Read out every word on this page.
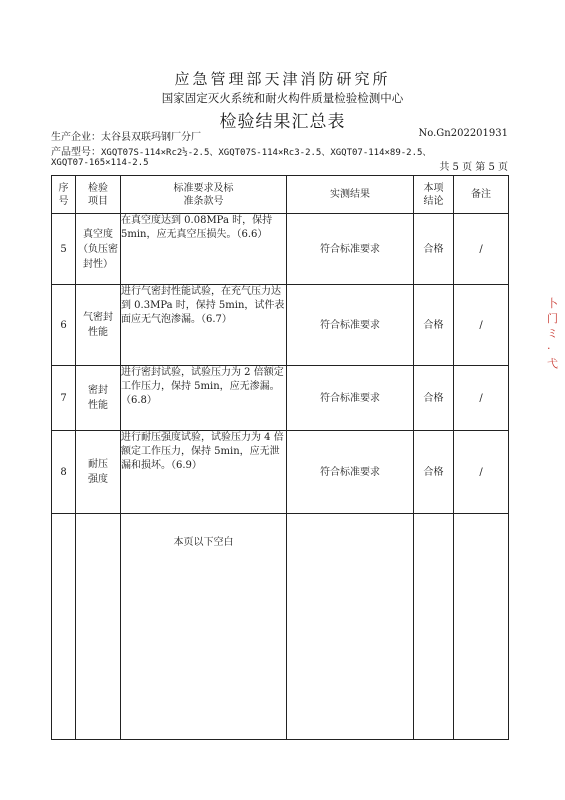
应急管理部天津消防研究所
国家固定灭火系统和耐火构件质量检验检测中心
检验结果汇总表
生产企业：太谷县双联玛钢厂分厂	No.Gn202201931
产品型号：XGQT07S-114×Rc2½-2.5、XGQT07S-114×Rc3-2.5、XGQT07-114×89-2.5、
XGQT07-165×114-2.5	共 5 页 第 5 页
序号	检验项目	标准要求及标准条款号	实测结果	本项结论	备注
5	真空度（负压密封性）	在真空度达到 0.08MPa 时，保持 5min，应无真空压损失。（6.6）	符合标准要求	合格	/
6	气密封性能	进行气密封性能试验，在充气压力达到 0.3MPa 时，保持 5min，试件表面应无气泡渗漏。（6.7）	符合标准要求	合格	/
7	密封性能	进行密封试验，试验压力为 2 倍额定工作压力，保持 5min，应无渗漏。（6.8）	符合标准要求	合格	/
8	耐压强度	进行耐压强度试验，试验压力为 4 倍额定工作压力，保持 5min，应无泄漏和损坏。（6.9）	符合标准要求	合格	/

		本页以下空白			

卜门ミ·弋
